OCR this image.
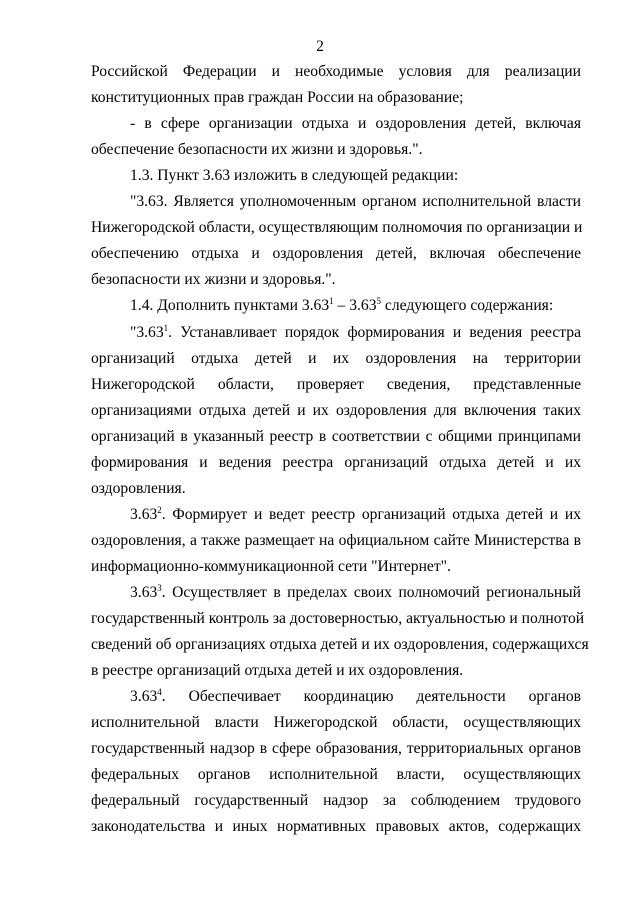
2
Российской Федерации и необходимые условия для реализации
конституционных прав граждан России на образование;
- в сфере организации отдыха и оздоровления детей, включая
обеспечение безопасности их жизни и здоровья.".
1.3. Пункт 3.63 изложить в следующей редакции:
"3.63. Является уполномоченным органом исполнительной власти
Нижегородской области, осуществляющим полномочия по организации и
обеспечению отдыха и оздоровления детей, включая обеспечение
безопасности их жизни и здоровья.".
1.4. Дополнить пунктами 3.63$^1$ – 3.63$^5$ следующего содержания:
"3.63$^1$. Устанавливает порядок формирования и ведения реестра
организаций отдыха детей и их оздоровления на территории
Нижегородской области, проверяет сведения, представленные
организациями отдыха детей и их оздоровления для включения таких
организаций в указанный реестр в соответствии с общими принципами
формирования и ведения реестра организаций отдыха детей и их
оздоровления.
3.63$^2$. Формирует и ведет реестр организаций отдыха детей и их
оздоровления, а также размещает на официальном сайте Министерства в
информационно-коммуникационной сети "Интернет".
3.63$^3$. Осуществляет в пределах своих полномочий региональный
государственный контроль за достоверностью, актуальностью и полнотой
сведений об организациях отдыха детей и их оздоровления, содержащихся
в реестре организаций отдыха детей и их оздоровления.
3.63$^4$. Обеспечивает координацию деятельности органов
исполнительной власти Нижегородской области, осуществляющих
государственный надзор в сфере образования, территориальных органов
федеральных органов исполнительной власти, осуществляющих
федеральный государственный надзор за соблюдением трудового
законодательства и иных нормативных правовых актов, содержащих
